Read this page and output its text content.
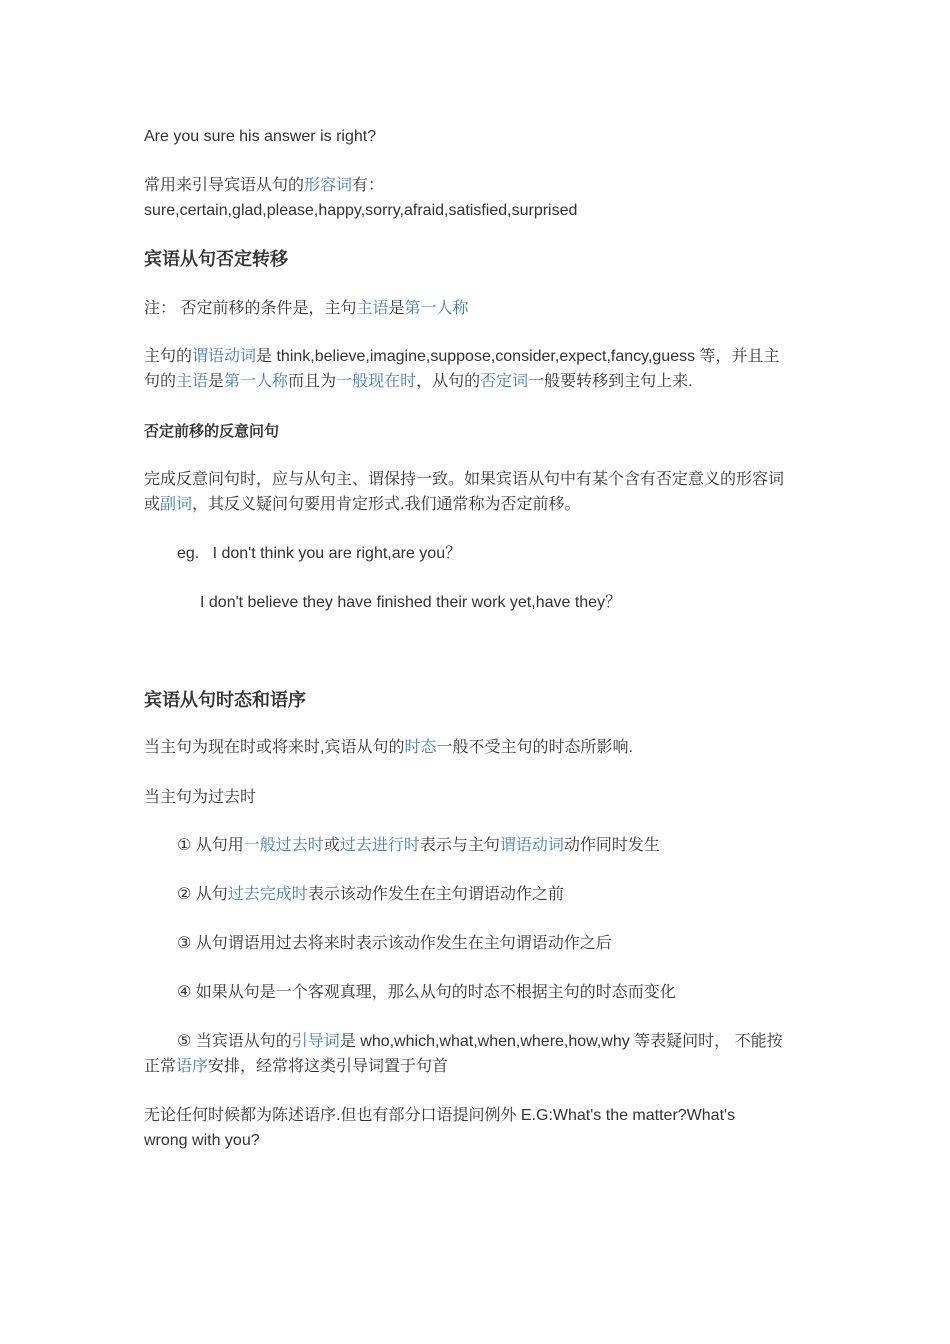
Are you sure his answer is right?
常用来引导宾语从句的形容词有：
sure,certain,glad,please,happy,sorry,afraid,satisfied,surprised
宾语从句否定转移
注： 否定前移的条件是，主句主语是第一人称
主句的谓语动词是 think,believe,imagine,suppose,consider,expect,fancy,guess 等，并且主
句的主语是第一人称而且为一般现在时，从句的否定词一般要转移到主句上来.
否定前移的反意问句
完成反意问句时，应与从句主、谓保持一致。如果宾语从句中有某个含有否定意义的形容词
或副词，其反义疑问句要用肯定形式.我们通常称为否定前移。
eg.   I don't think you are right,are you？
I don't believe they have finished their work yet,have they？
宾语从句时态和语序
当主句为现在时或将来时,宾语从句的时态一般不受主句的时态所影响.
当主句为过去时
① 从句用一般过去时或过去进行时表示与主句谓语动词动作同时发生
② 从句过去完成时表示该动作发生在主句谓语动作之前
③ 从句谓语用过去将来时表示该动作发生在主句谓语动作之后
④ 如果从句是一个客观真理，那么从句的时态不根据主句的时态而变化
⑤ 当宾语从句的引导词是 who,which,what,when,where,how,why 等表疑问时， 不能按
正常语序安排，经常将这类引导词置于句首
无论任何时候都为陈述语序.但也有部分口语提问例外 E.G:What's the matter?What's
wrong with you?
